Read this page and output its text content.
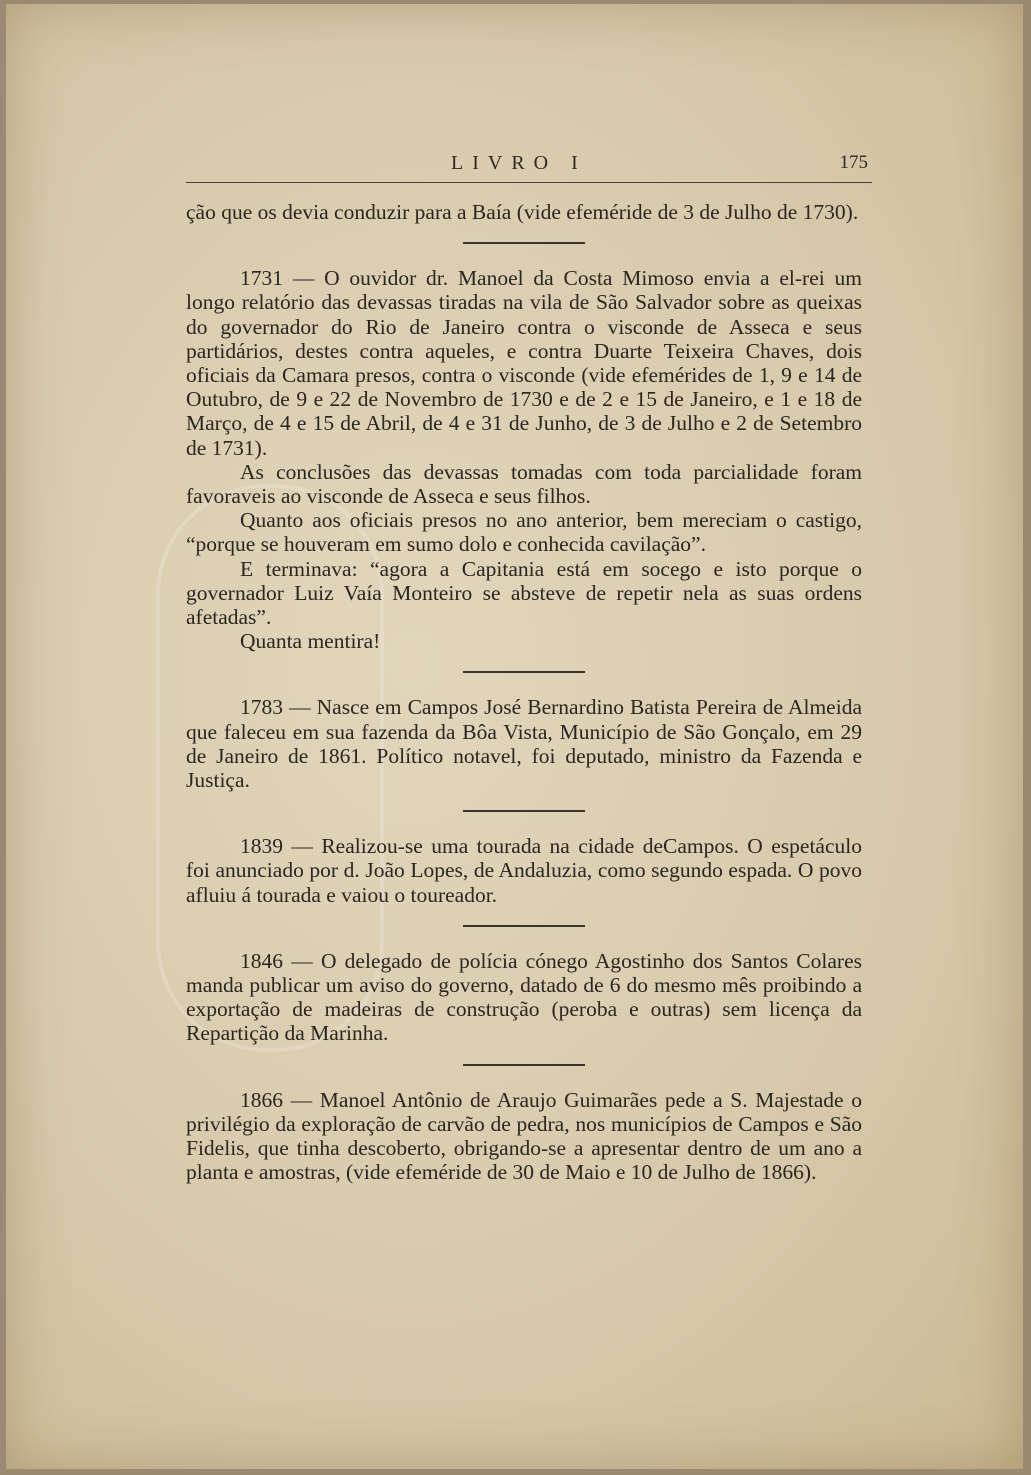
LIVRO I	175

ção que os devia conduzir para a Baía (vide efeméride de 3 de Julho de 1730).

1731 — O ouvidor dr. Manoel da Costa Mimoso envia a el-rei um longo relatório das devassas tiradas na vila de São Salvador sobre as queixas do governador do Rio de Janeiro contra o visconde de Asseca e seus partidários, destes contra aqueles, e contra Duarte Teixeira Chaves, dois oficiais da Camara presos, contra o visconde (vide efemérides de 1, 9 e 14 de Outubro, de 9 e 22 de Novembro de 1730 e de 2 e 15 de Janeiro, e 1 e 18 de Março, de 4 e 15 de Abril, de 4 e 31 de Junho, de 3 de Julho e 2 de Setembro de 1731).

As conclusões das devassas tomadas com toda parcialidade foram favoraveis ao visconde de Asseca e seus filhos.

Quanto aos oficiais presos no ano anterior, bem mereciam o castigo, “porque se houveram em sumo dolo e conhecida cavilação”.

E terminava: “agora a Capitania está em socego e isto porque o governador Luiz Vaía Monteiro se absteve de repetir nela as suas ordens afetadas”.

Quanta mentira!

1783 — Nasce em Campos José Bernardino Batista Pereira de Almeida que faleceu em sua fazenda da Bôa Vista, Município de São Gonçalo, em 29 de Janeiro de 1861. Político notavel, foi deputado, ministro da Fazenda e Justiça.

1839 — Realizou-se uma tourada na cidade deCampos. O espetáculo foi anunciado por d. João Lopes, de Andaluzia, como segundo espada. O povo afluiu á tourada e vaiou o toureador.

1846 — O delegado de polícia cónego Agostinho dos Santos Colares manda publicar um aviso do governo, datado de 6 do mesmo mês proibindo a exportação de madeiras de construção (peroba e outras) sem licença da Repartição da Marinha.

1866 — Manoel Antônio de Araujo Guimarães pede a S. Majestade o privilégio da exploração de carvão de pedra, nos municípios de Campos e São Fidelis, que tinha descoberto, obrigando-se a apresentar dentro de um ano a planta e amostras, (vide efeméride de 30 de Maio e 10 de Julho de 1866).
